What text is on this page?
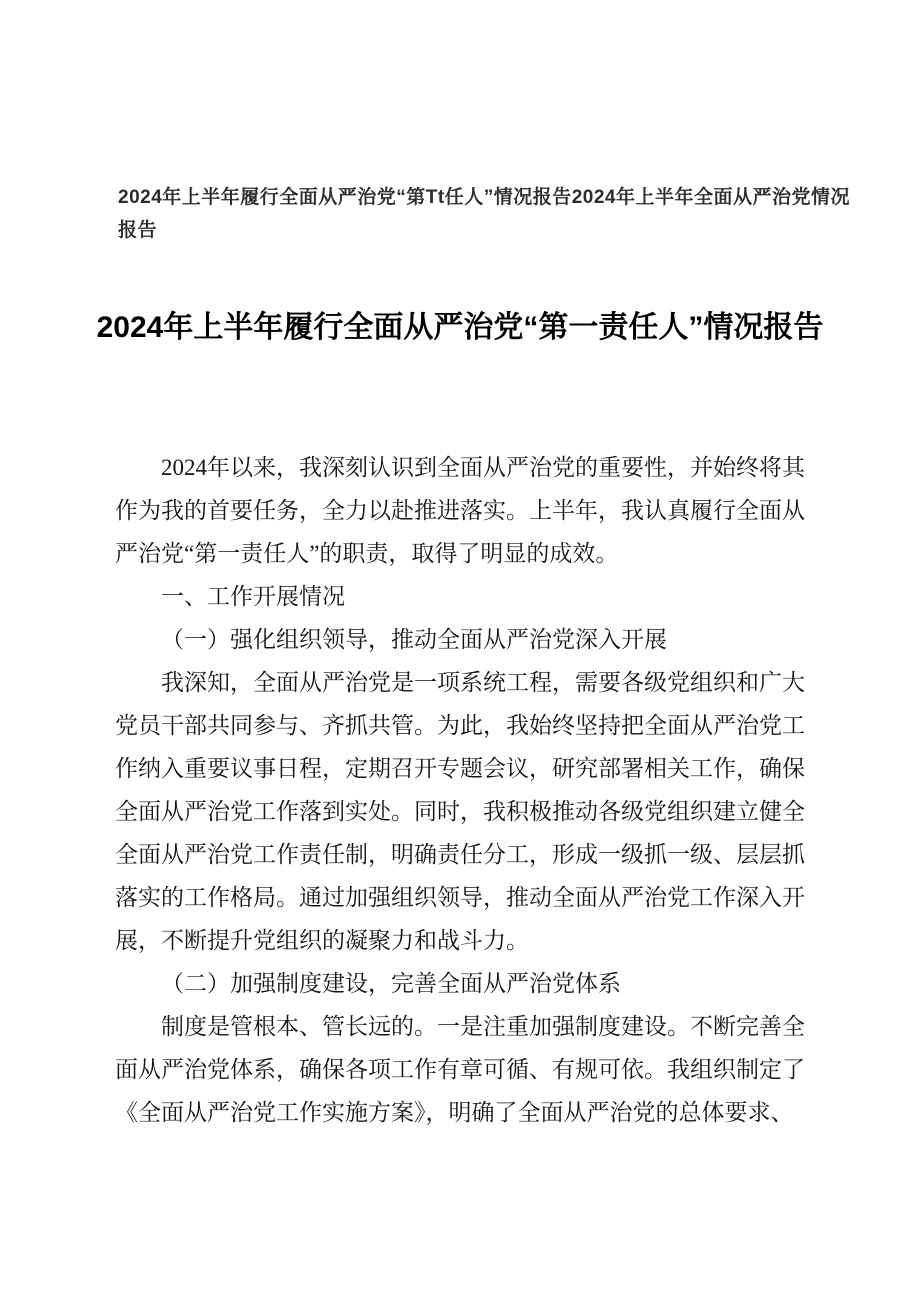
2024年上半年履行全面从严治党“第Tt任人”情况报告2024年上半年全面从严治党情况报告
2024年上半年履行全面从严治党“第一责任人”情况报告

2024年以来，我深刻认识到全面从严治党的重要性，并始终将其作为我的首要任务，全力以赴推进落实。上半年，我认真履行全面从严治党“第一责任人”的职责，取得了明显的成效。

一、工作开展情况
（一）强化组织领导，推动全面从严治党深入开展

我深知，全面从严治党是一项系统工程，需要各级党组织和广大党员干部共同参与、齐抓共管。为此，我始终坚持把全面从严治党工作纳入重要议事日程，定期召开专题会议，研究部署相关工作，确保全面从严治党工作落到实处。同时，我积极推动各级党组织建立健全全面从严治党工作责任制，明确责任分工，形成一级抓一级、层层抓落实的工作格局。通过加强组织领导，推动全面从严治党工作深入开展，不断提升党组织的凝聚力和战斗力。

（二）加强制度建设，完善全面从严治党体系

制度是管根本、管长远的。一是注重加强制度建设。不断完善全面从严治党体系，确保各项工作有章可循、有规可依。我组织制定了《全面从严治党工作实施方案》，明确了全面从严治党的总体要求、
